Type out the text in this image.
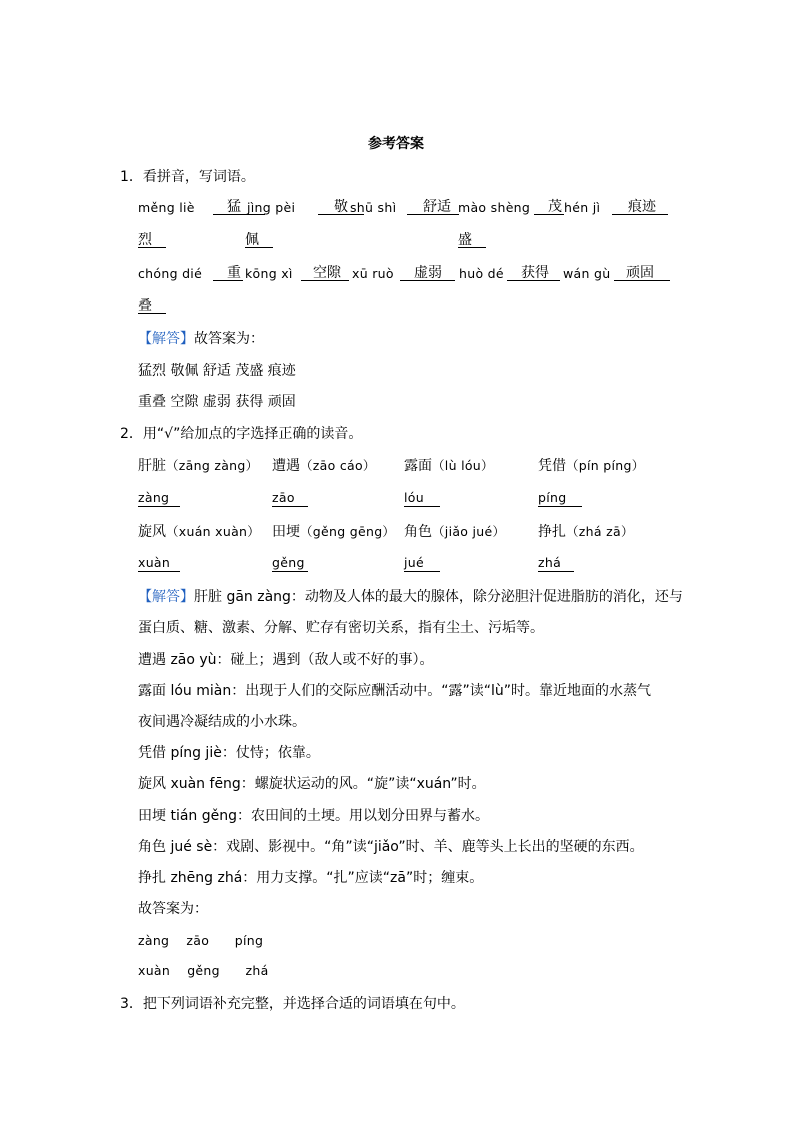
参考答案
1．看拼音，写词语。
měng liè	猛 jìng pèi	敬 shū shì	舒适 mào shèng	茂 hén jì	痕迹
烈	佩	盛
chóng dié	重 kōng xì	空隙 xū ruò	虚弱	huò dé	获得	wán gù	顽固
叠
【解答】故答案为：
猛烈 敬佩 舒适 茂盛 痕迹
重叠 空隙 虚弱 获得 顽固
2．用“√”给加点的字选择正确的读音。
肝脏（zāng zàng） 遭遇（zāo cáo） 露面（lù lóu）	凭借（pín píng）
zàng	zāo	lóu	píng
旋风（xuán xuàn） 田埂（gěng gēng） 角色（jiǎo jué） 挣扎（zhá zā）
xuàn	gěng	jué	zhá
【解答】肝脏 gān zàng：动物及人体的最大的腺体，除分泌胆汁促进脂肪的消化，还与
蛋白质、糖、激素、分解、贮存有密切关系，指有尘土、污垢等。
遭遇 zāo yù：碰上；遇到（敌人或不好的事）。
露面 lóu miàn：出现于人们的交际应酬活动中。“露”读“lù”时。靠近地面的水蒸气
夜间遇冷凝结成的小水珠。
凭借 píng jiè：仗恃；依靠。
旋风 xuàn fēng：螺旋状运动的风。“旋”读“xuán”时。
田埂 tián gěng：农田间的土埂。用以划分田界与蓄水。
角色 jué sè：戏剧、影视中。“角”读“jiǎo”时、羊、鹿等头上长出的坚硬的东西。
挣扎 zhēng zhá：用力支撑。“扎”应读“zā”时；缠束。
故答案为：
zàng    zāo      píng
xuàn    gěng      zhá
3．把下列词语补充完整，并选择合适的词语填在句中。
